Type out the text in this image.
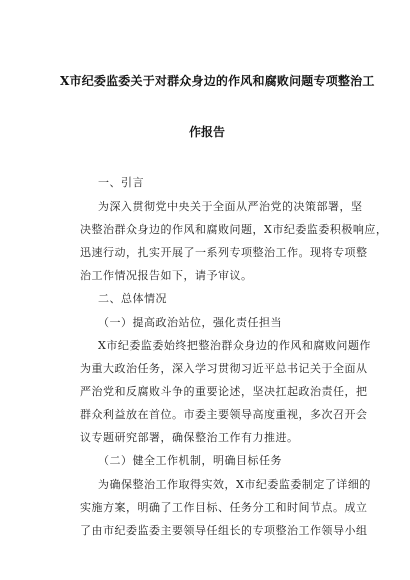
X市纪委监委关于对群众身边的作风和腐败问题专项整治工
作报告

一、引言

为深入贯彻党中央关于全面从严治党的决策部署，坚

决整治群众身边的作风和腐败问题，X市纪委监委积极响应，

迅速行动，扎实开展了一系列专项整治工作。现将专项整

治工作情况报告如下，请予审议。

二、总体情况

（一）提高政治站位，强化责任担当

X市纪委监委始终把整治群众身边的作风和腐败问题作

为重大政治任务，深入学习贯彻习近平总书记关于全面从

严治党和反腐败斗争的重要论述，坚决扛起政治责任，把

群众利益放在首位。市委主要领导高度重视，多次召开会

议专题研究部署，确保整治工作有力推进。

（二）健全工作机制，明确目标任务

为确保整治工作取得实效，X市纪委监委制定了详细的

实施方案，明确了工作目标、任务分工和时间节点。成立

了由市纪委监委主要领导任组长的专项整治工作领导小组
